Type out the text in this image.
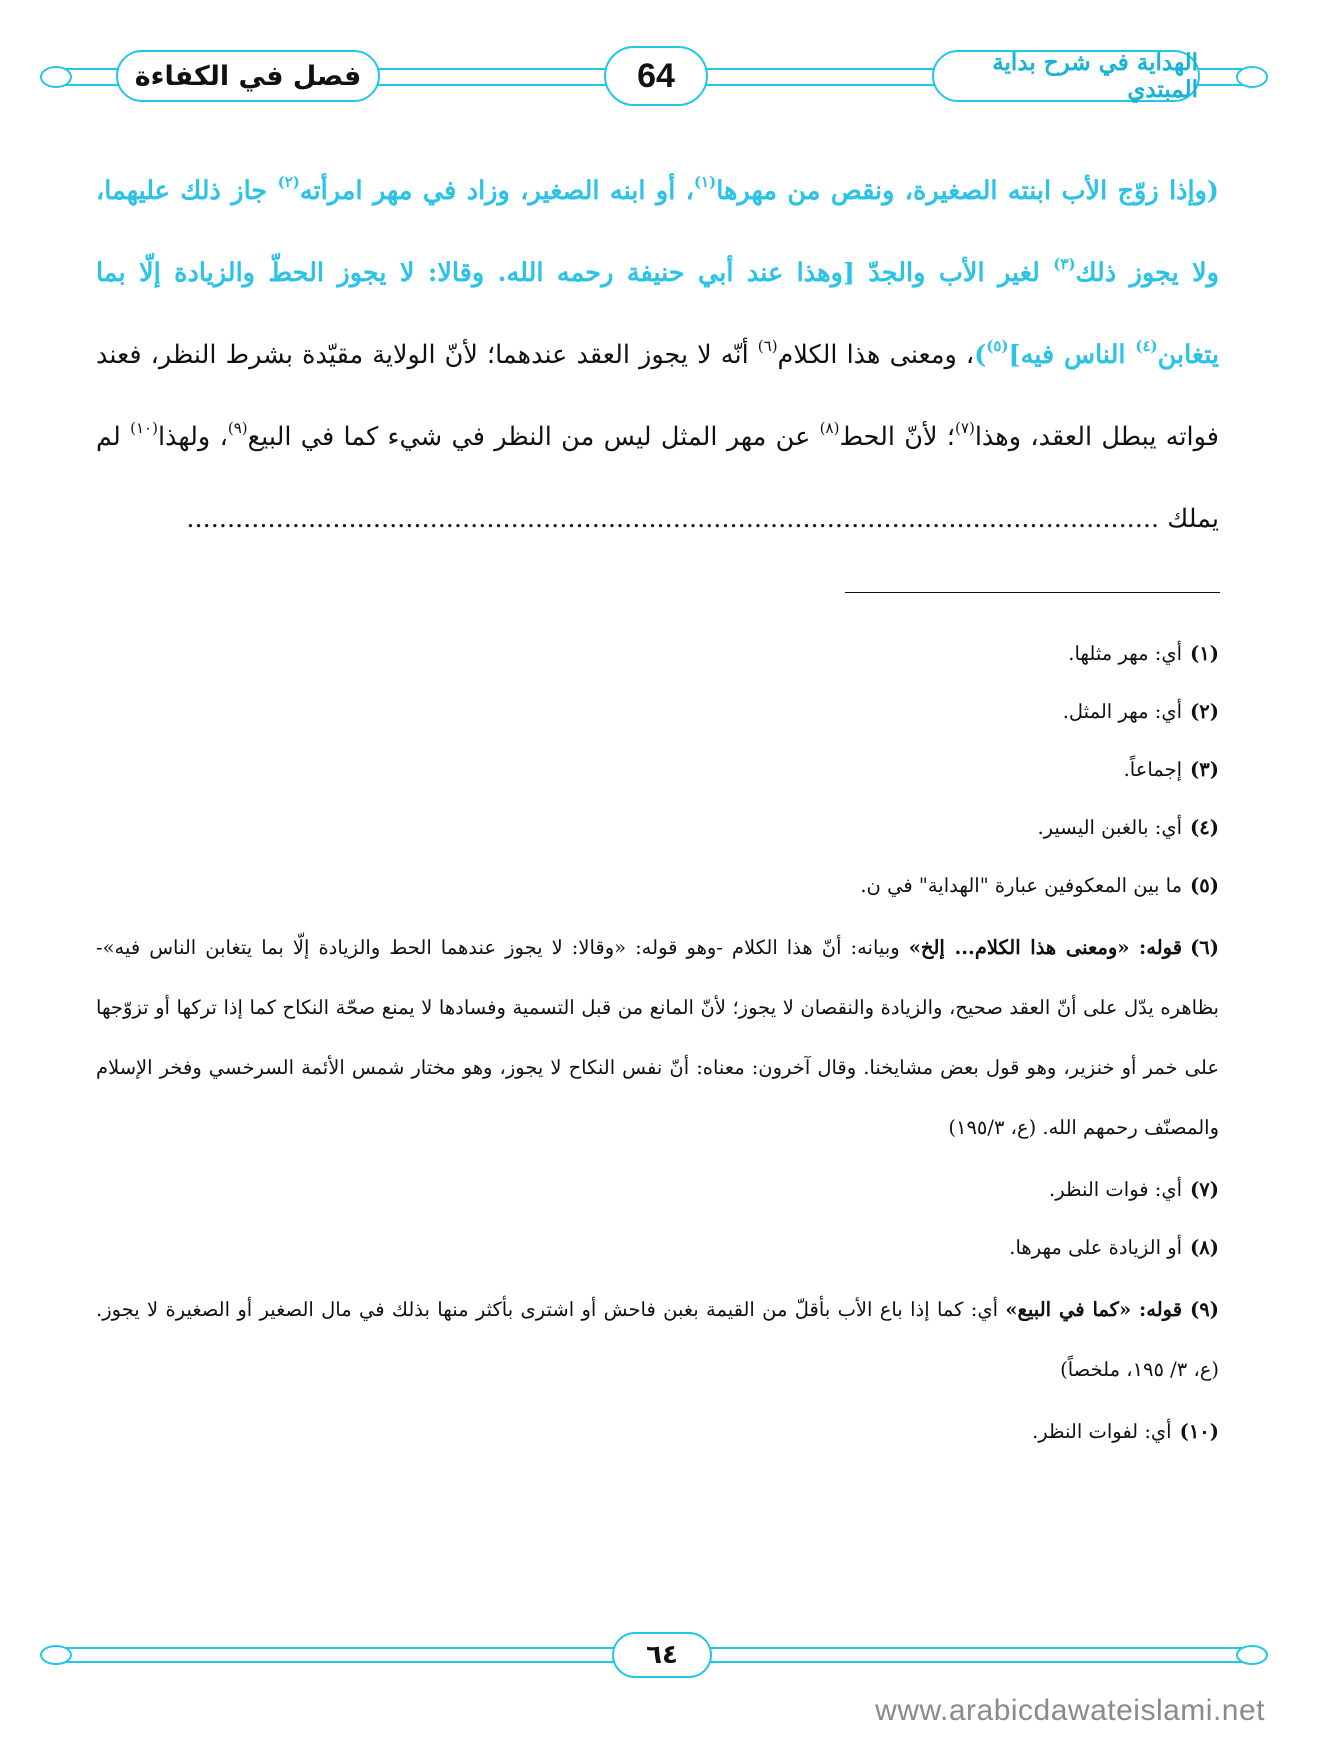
فصل في الكفاءة	64	الهداية في شرح بداية المبتدي

(وإذا زوّج الأب ابنته الصغيرة، ونقص من مهرها$^{(١)}$، أو ابنه الصغير، وزاد في مهر امرأته$^{(٢)}$ جاز ذلك عليهما، ولا يجوز ذلك$^{(٣)}$ لغير الأب والجدّ [وهذا عند أبي حنيفة رحمه الله. وقالا: لا يجوز الحطّ والزيادة إلّا بما يتغابن$^{(٤)}$ الناس فيه]$^{(٥)}$)، ومعنى هذا الكلام$^{(٦)}$ أنّه لا يجوز العقد عندهما؛ لأنّ الولاية مقيّدة بشرط النظر، فعند فواته يبطل العقد، وهذا$^{(٧)}$؛ لأنّ الحط$^{(٨)}$ عن مهر المثل ليس من النظر في شيء كما في البيع$^{(٩)}$، ولهذا$^{(١٠)}$ لم يملك ........................................................................................................................

(١)أي: مهر مثلها.
(٢)أي: مهر المثل.
(٣)إجماعاً.
(٤)أي: بالغبن اليسير.
(٥)ما بين المعكوفين عبارة "الهداية" في ن.
(٦)قوله: «ومعنى هذا الكلام... إلخ» وبيانه: أنّ هذا الكلام -وهو قوله: «وقالا: لا يجوز عندهما الحط والزيادة إلّا بما يتغابن الناس فيه»- بظاهره يدّل على أنّ العقد صحيح، والزيادة والنقصان لا يجوز؛ لأنّ المانع من قبل التسمية وفسادها لا يمنع صحّة النكاح كما إذا تركها أو تزوّجها على خمر أو خنزير، وهو قول بعض مشايخنا. وقال آخرون: معناه: أنّ نفس النكاح لا يجوز، وهو مختار شمس الأئمة السرخسي وفخر الإسلام والمصنّف رحمهم الله. (ع، ١٩٥/٣)
(٧)أي: فوات النظر.
(٨)أو الزيادة على مهرها.
(٩)قوله: «كما في البيع» أي: كما إذا باع الأب بأقلّ من القيمة بغبن فاحش أو اشترى بأكثر منها بذلك في مال الصغير أو الصغيرة لا يجوز. (ع، ٣/ ١٩٥، ملخصاً)
(١٠)أي: لفوات النظر.
٦٤
www.arabicdawateislami.net
